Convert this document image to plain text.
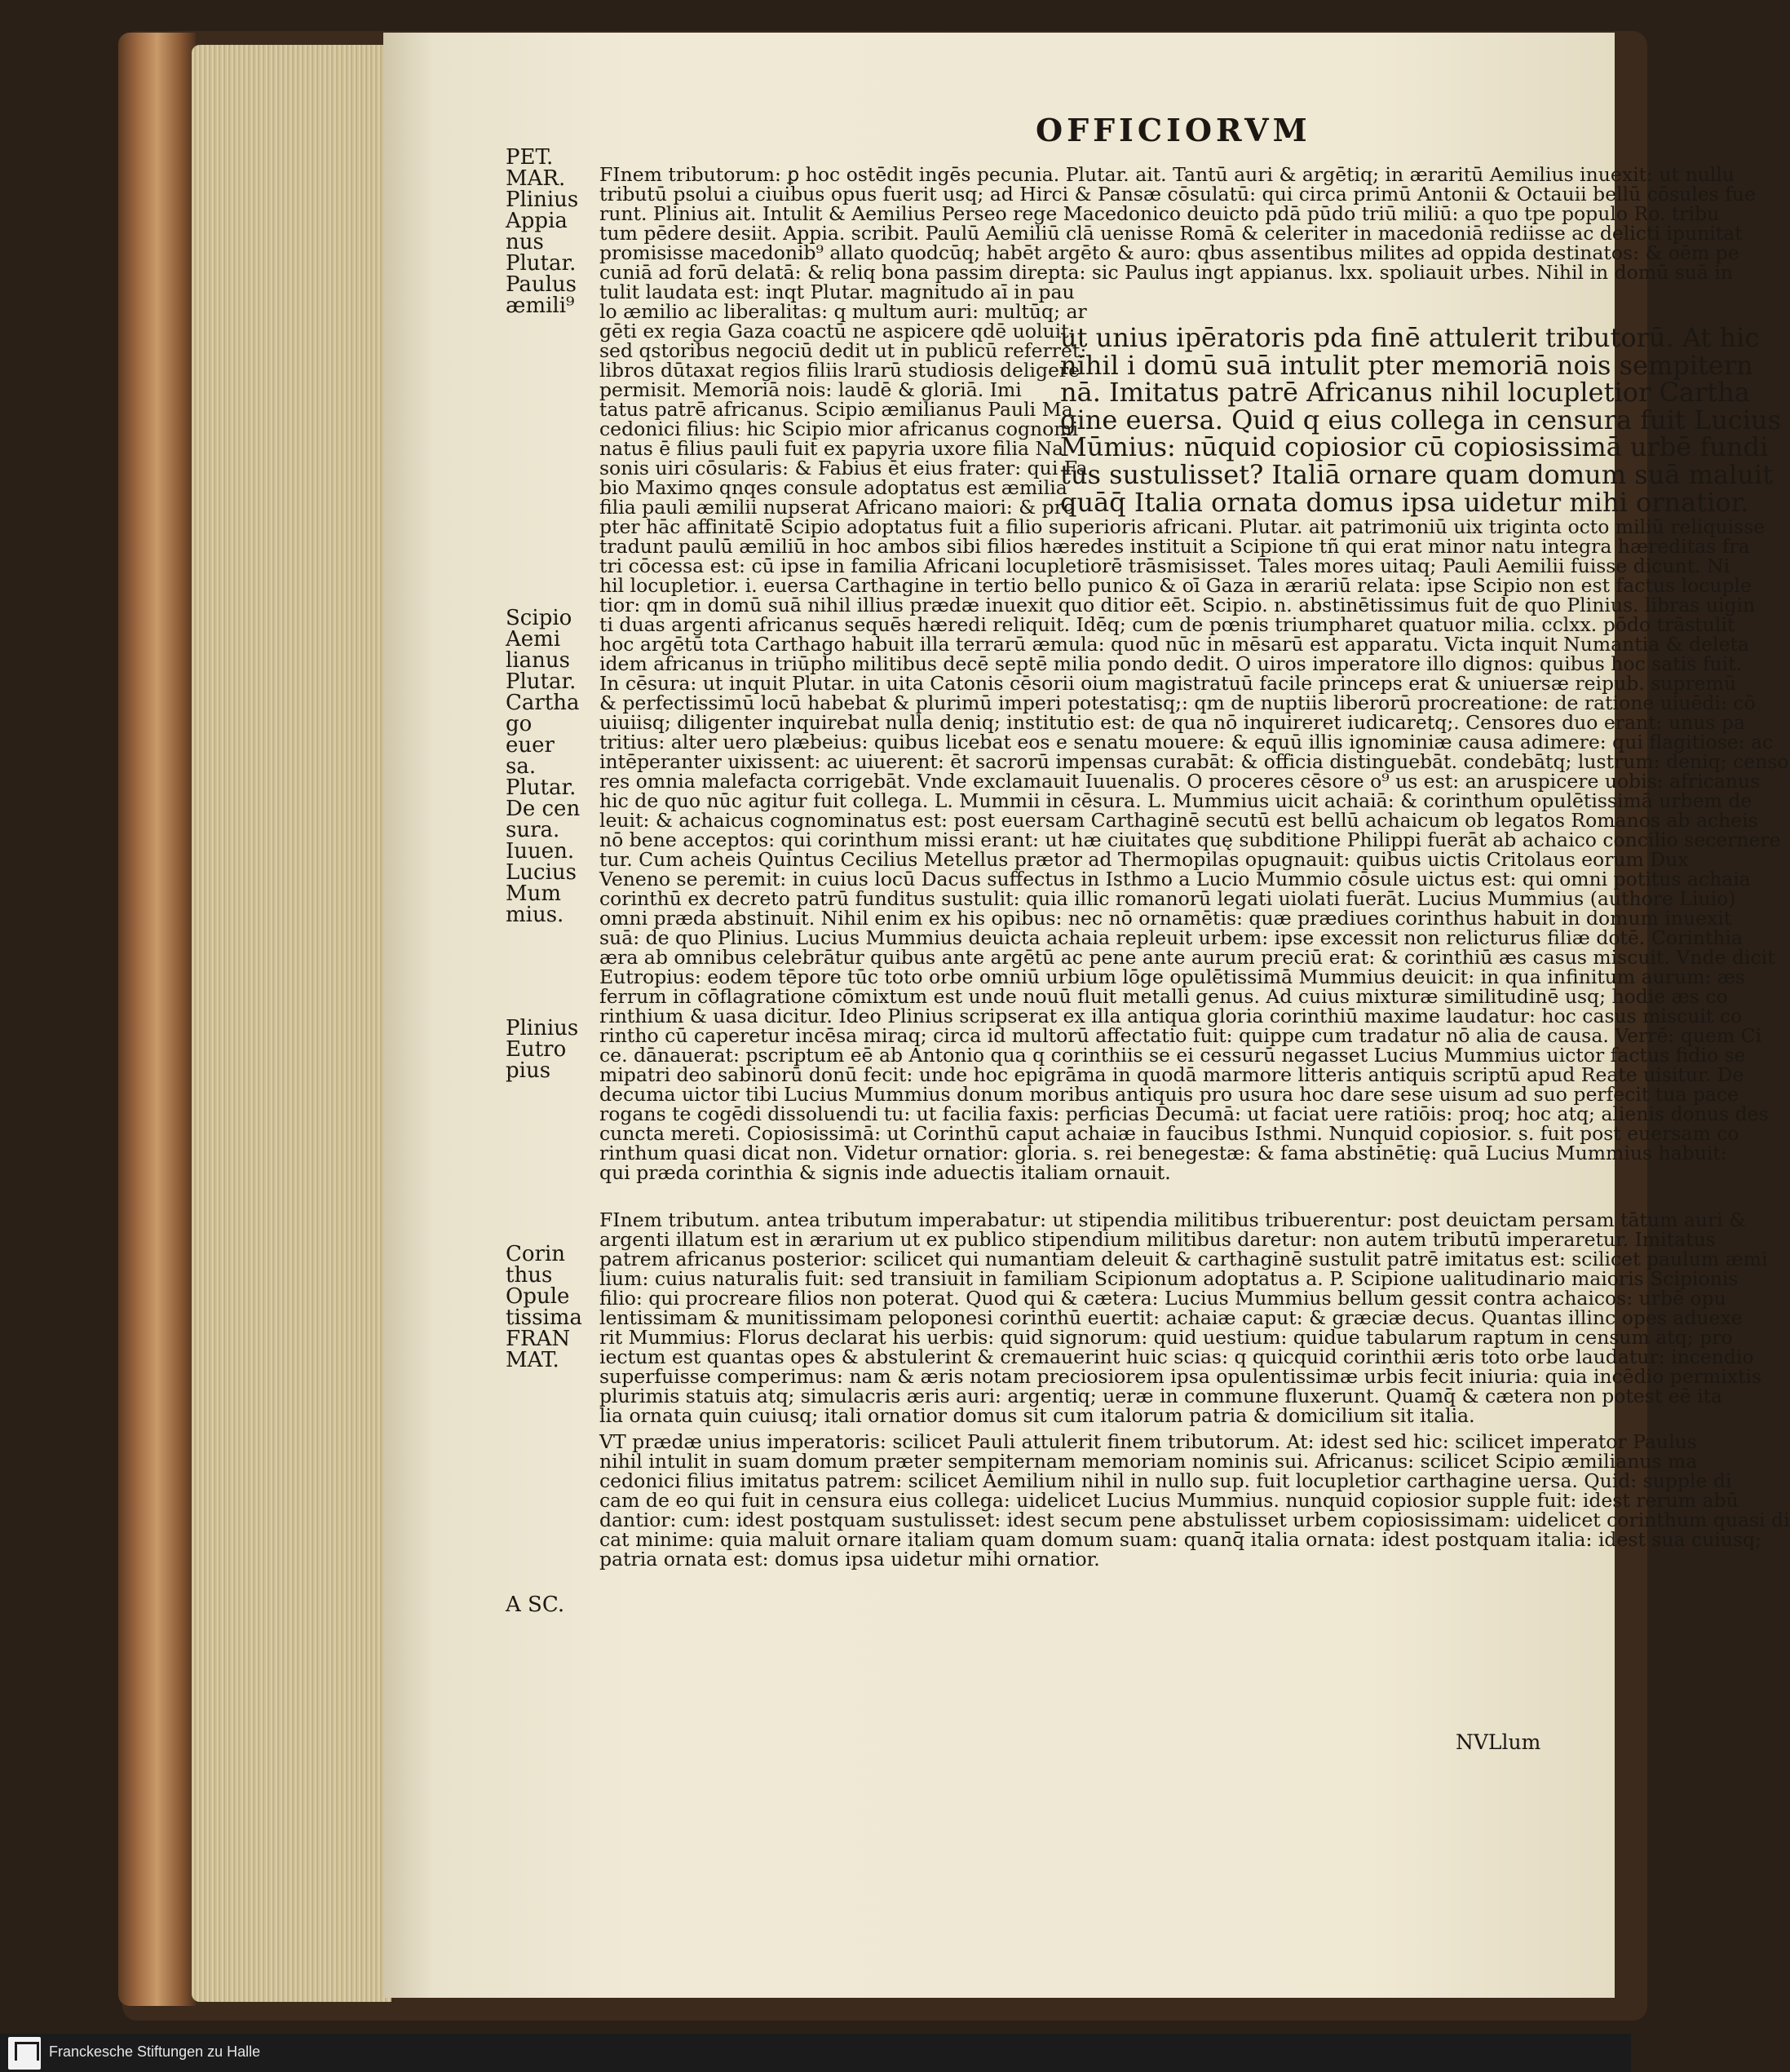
OFFICIORVM
PET.
MAR.
Plinius
Appia
nus
Plutar.
Paulus
æmili⁹
Scipio
Aemi
lianus
Plutar.
Cartha
go euer
sa.
Plutar.
De cen
sura.
Iuuen.
Lucius
Mum
mius.
Plinius
Eutro
pius
Corin
thus
Opule
tissima
FRAN
MAT.
A SC.
FInem tributorum: ꝑ hoc ostēdit ingēs pecunia. Plutar. ait. Tantū auri & argētiq; in æraritū Aemilius inuexit: ut nullu
tributū psolui a ciuibus opus fuerit usq; ad Hirci & Pansæ cōsulatū: qui circa primū Antonii & Octauii bellū cōsules fue
runt. Plinius ait. Intulit & Aemilius Perseo rege Macedonico deuicto pdā pūdo triū miliū: a quo tpe populo Ro. tribu
tum pēdere desiit. Appia. scribit. Paulū Aemiliū clā uenisse Romā & celeriter in macedoniā rediisse ac delicti ipunitat
promisisse macedonib⁹ allato quodcūq; habēt argēto & auro: qbus assentibus milites ad oppida destinatos: & oēm pe
cuniā ad forū delatā: & reliq bona passim direpta: sic Paulus ingt appianus. lxx. spoliauit urbes. Nihil in domū suā in
tulit laudata est: inqt Plutar. magnitudo aī in pau
lo æmilio ac liberalitas: q multum auri: multūq; ar
gēti ex regia Gaza coactū ne aspicere qdē uoluit:
sed qstoribus negociū dedit ut in publicū referret:
libros dūtaxat regios filiis lrarū studiosis deligere
permisit. Memoriā nois: laudē & gloriā. Imi
tatus patrē africanus. Scipio æmilianus Pauli Ma
cedonici filius: hic Scipio mior africanus cognomi
natus ē filius pauli fuit ex papyria uxore filia Na
sonis uiri cōsularis: & Fabius ēt eius frater: qui Fa
bio Maximo qnqes consule adoptatus est æmilia
filia pauli æmilii nupserat Africano maiori: & pro
ut unius ipēratoris pda finē attulerit tributorū. At hic
nihil i domū suā intulit pter memoriā nois sempitern
nā. Imitatus patrē Africanus nihil locupletior Cartha
gine euersa. Quid q eius collega in censura fuit Lucius
Mūmius: nūquid copiosior cū copiosissimā urbē fundi
tus sustulisset? Italiā ornare quam domum suā maluit
quāq̄ Italia ornata domus ipsa uidetur mihi ornatior.
pter hāc affinitatē Scipio adoptatus fuit a filio superioris africani. Plutar. ait patrimoniū uix triginta octo miliū reliquisse
tradunt paulū æmiliū in hoc ambos sibi filios hæredes instituit a Scipione tñ qui erat minor natu integra hæreditas fra
tri cōcessa est: cū ipse in familia Africani locupletiorē trāsmisisset. Tales mores uitaq; Pauli Aemilii fuisse dicunt. Ni
hil locupletior. i. euersa Carthagine in tertio bello punico & oī Gaza in ærariū relata: ipse Scipio non est factus locuple
tior: qm in domū suā nihil illius prædæ inuexit quo ditior eēt. Scipio. n. abstinētissimus fuit de quo Plinius. libras uigin
ti duas argenti africanus sequēs hæredi reliquit. Idēq; cum de pœnis triumpharet quatuor milia. cclxx. pōdo trāstulit
hoc argētū tota Carthago habuit illa terrarū æmula: quod nūc in mēsarū est apparatu. Victa inquit Numantia & deleta
idem africanus in triūpho militibus decē septē milia pondo dedit. O uiros imperatore illo dignos: quibus hoc satis fuit.
In cēsura: ut inquit Plutar. in uita Catonis cēsorii oium magistratuū facile princeps erat & uniuersæ reipub. supremū
& perfectissimū locū habebat & plurimū imperi potestatisq;: qm de nuptiis liberorū procreatione: de ratione uiuēdi: cō
uiuiisq; diligenter inquirebat nulla deniq; institutio est: de qua nō inquireret iudicaretq;. Censores duo erant: unus pa
tritius: alter uero plæbeius: quibus licebat eos e senatu mouere: & equū illis ignominiæ causa adimere: qui flagitiose: ac
intēperanter uixissent: ac uiuerent: ēt sacrorū impensas curabāt: & officia distinguebāt. condebātq; lustrum: deniq; censo
res omnia malefacta corrigebāt. Vnde exclamauit Iuuenalis. O proceres cēsore o⁹ us est: an aruspicere uobis: africanus
hic de quo nūc agitur fuit collega. L. Mummii in cēsura. L. Mummius uicit achaiā: & corinthum opulētissimā urbem de
leuit: & achaicus cognominatus est: post euersam Carthaginē secutū est bellū achaicum ob legatos Romanos ab acheis
nō bene acceptos: qui corinthum missi erant: ut hæ ciuitates quę subditione Philippi fuerāt ab achaico concilio secernere
tur. Cum acheis Quintus Cecilius Metellus prætor ad Thermopilas opugnauit: quibus uictis Critolaus eorum Dux
Veneno se peremit: in cuius locū Dacus suffectus in Isthmo a Lucio Mummio cōsule uictus est: qui omni potitus achaia
corinthū ex decreto patrū funditus sustulit: quia illic romanorū legati uiolati fuerāt. Lucius Mummius (authore Liuio)
omni præda abstinuit. Nihil enim ex his opibus: nec nō ornamētis: quæ prædiues corinthus habuit in domum inuexit
suā: de quo Plinius. Lucius Mummius deuicta achaia repleuit urbem: ipse excessit non relicturus filiæ dotē. Corinthia
æra ab omnibus celebrātur quibus ante argētū ac pene ante aurum preciū erat: & corinthiū æs casus miscuit. Vnde dicit
Eutropius: eodem tēpore tūc toto orbe omniū urbium lōge opulētissimā Mummius deuicit: in qua infinitum aurum: æs
ferrum in cōflagratione cōmixtum est unde nouū fluit metalli genus. Ad cuius mixturæ similitudinē usq; hodie æs co
rinthium & uasa dicitur. Ideo Plinius scripserat ex illa antiqua gloria corinthiū maxime laudatur: hoc casus miscuit co
rintho cū caperetur incēsa miraq; circa id multorū affectatio fuit: quippe cum tradatur nō alia de causa. Verrē: quem Ci
ce. dānauerat: pscriptum eē ab Antonio qua q corinthiis se ei cessurū negasset Lucius Mummius uictor factus fidio se
mipatri deo sabinorū donū fecit: unde hoc epigrāma in quodā marmore litteris antiquis scriptū apud Reate uisitur. De
decuma uictor tibi Lucius Mummius donum moribus antiquis pro usura hoc dare sese uisum ad suo perfecit tua pace
rogans te cogēdi dissoluendi tu: ut facilia faxis: perficias Decumā: ut faciat uere ratiōis: proq; hoc atq; alienis donus des
cuncta mereti. Copiosissimā: ut Corinthū caput achaiæ in faucibus Isthmi. Nunquid copiosior. s. fuit post euersam co
rinthum quasi dicat non. Videtur ornatior: gloria. s. rei benegestæ: & fama abstinētię: quā Lucius Mummius habuit:
qui præda corinthia & signis inde aduectis italiam ornauit.
FInem tributum. antea tributum imperabatur: ut stipendia militibus tribuerentur: post deuictam persam tātum auri &
argenti illatum est in ærarium ut ex publico stipendium militibus daretur: non autem tributū imperaretur. Imitatus
patrem africanus posterior: scilicet qui numantiam deleuit & carthaginē sustulit patrē imitatus est: scilicet paulum æmi
lium: cuius naturalis fuit: sed transiuit in familiam Scipionum adoptatus a. P. Scipione ualitudinario maioris Scipionis
filio: qui procreare filios non poterat. Quod qui & cætera: Lucius Mummius bellum gessit contra achaicos: urbē opu
lentissimam & munitissimam peloponesi corinthū euertit: achaiæ caput: & græciæ decus. Quantas illinc opes aduexe
rit Mummius: Florus declarat his uerbis: quid signorum: quid uestium: quidue tabularum raptum in censum atq; pro
iectum est quantas opes & abstulerint & cremauerint huic scias: q quicquid corinthii æris toto orbe laudatur: incendio
superfuisse comperimus: nam & æris notam preciosiorem ipsa opulentissimæ urbis fecit iniuria: quia incēdio permixtis
plurimis statuis atq; simulacris æris auri: argentiq; ueræ in commune fluxerunt. Quamq̄ & cætera non potest eē ita
lia ornata quin cuiusq; itali ornatior domus sit cum italorum patria & domicilium sit italia.
VT prædæ unius imperatoris: scilicet Pauli attulerit finem tributorum. At: idest sed hic: scilicet imperator Paulus
nihil intulit in suam domum præter sempiternam memoriam nominis sui. Africanus: scilicet Scipio æmilianus ma
cedonici filius imitatus patrem: scilicet Aemilium nihil in nullo sup. fuit locupletior carthagine uersa. Quid: supple di
cam de eo qui fuit in censura eius collega: uidelicet Lucius Mummius. nunquid copiosior supple fuit: idest rerum abū
dantior: cum: idest postquam sustulisset: idest secum pene abstulisset urbem copiosissimam: uidelicet corinthum quasi di
cat minime: quia maluit ornare italiam quam domum suam: quanq̄ italia ornata: idest postquam italia: idest sua cuiusq;
patria ornata est: domus ipsa uidetur mihi ornatior.
NVLlum
Franckesche Stiftungen zu Halle
